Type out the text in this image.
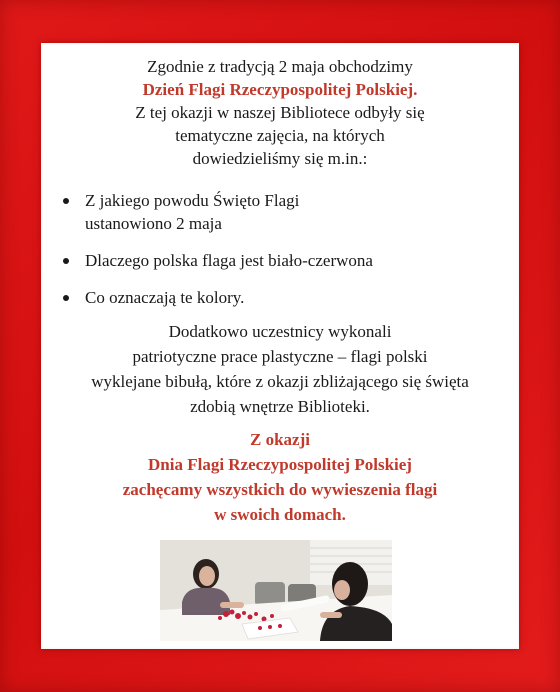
Zgodnie z tradycją 2 maja obchodzimy
Dzień Flagi Rzeczypospolitej Polskiej.
Z tej okazji w naszej Bibliotece odbyły się
tematyczne zajęcia, na których
dowiedzieliśmy się m.in.:
Z jakiego powodu Święto Flagi
ustanowiono 2 maja
Dlaczego polska flaga jest biało-czerwona
Co oznaczają te kolory.
Dodatkowo uczestnicy wykonali
patriotyczne prace plastyczne – flagi polski
wyklejane bibułą, które z okazji zbliżającego się święta
zdobią wnętrze Biblioteki.
Z okazji
Dnia Flagi Rzeczypospolitej Polskiej
zachęcamy wszystkich do wywieszenia flagi
w swoich domach.
